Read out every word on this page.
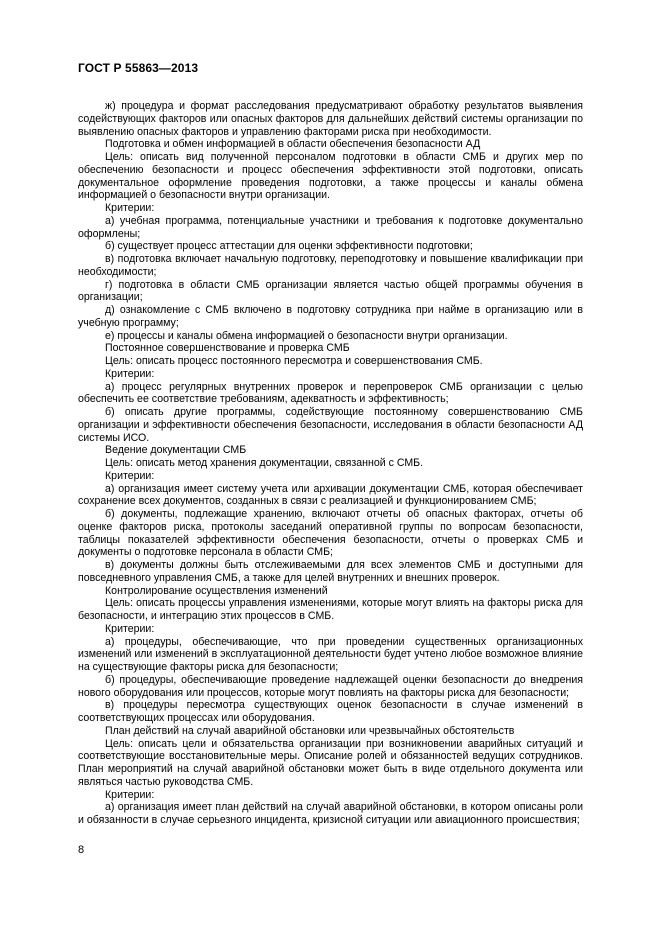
ГОСТ Р 55863—2013

ж) процедура и формат расследования предусматривают обработку результатов выявления содействующих факторов или опасных факторов для дальнейших действий системы организации по выявлению опасных факторов и управлению факторами риска при необходимости.

Подготовка и обмен информацией в области обеспечения безопасности АД

Цель: описать вид полученной персоналом подготовки в области СМБ и других мер по обеспечению безопасности и процесс обеспечения эффективности этой подготовки, описать документальное оформление проведения подготовки, а также процессы и каналы обмена информацией о безопасности внутри организации.

Критерии:

а) учебная программа, потенциальные участники и требования к подготовке документально оформлены;

б) существует процесс аттестации для оценки эффективности подготовки;

в) подготовка включает начальную подготовку, переподготовку и повышение квалификации при необходимости;

г) подготовка в области СМБ организации является частью общей программы обучения в организации;

д) ознакомление с СМБ включено в подготовку сотрудника при найме в организацию или в учебную программу;

е) процессы и каналы обмена информацией о безопасности внутри организации.

Постоянное совершенствование и проверка СМБ

Цель: описать процесс постоянного пересмотра и совершенствования СМБ.

Критерии:

а) процесс регулярных внутренних проверок и перепроверок СМБ организации с целью обеспечить ее соответствие требованиям, адекватность и эффективность;

б) описать другие программы, содействующие постоянному совершенствованию СМБ организации и эффективности обеспечения безопасности, исследования в области безопасности АД системы ИСО.

Ведение документации СМБ

Цель: описать метод хранения документации, связанной с СМБ.

Критерии:

а) организация имеет систему учета или архивации документации СМБ, которая обеспечивает сохранение всех документов, созданных в связи с реализацией и функционированием СМБ;

б) документы, подлежащие хранению, включают отчеты об опасных факторах, отчеты об оценке факторов риска, протоколы заседаний оперативной группы по вопросам безопасности, таблицы показателей эффективности обеспечения безопасности, отчеты о проверках СМБ и документы о подготовке персонала в области СМБ;

в) документы должны быть отслеживаемыми для всех элементов СМБ и доступными для повседневного управления СМБ, а также для целей внутренних и внешних проверок.

Контролирование осуществления изменений

Цель: описать процессы управления изменениями, которые могут влиять на факторы риска для безопасности, и интеграцию этих процессов в СМБ.

Критерии:

а) процедуры, обеспечивающие, что при проведении существенных организационных изменений или изменений в эксплуатационной деятельности будет учтено любое возможное влияние на существующие факторы риска для безопасности;

б) процедуры, обеспечивающие проведение надлежащей оценки безопасности до внедрения нового оборудования или процессов, которые могут повлиять на факторы риска для безопасности;

в) процедуры пересмотра существующих оценок безопасности в случае изменений в соответствующих процессах или оборудования.

План действий на случай аварийной обстановки или чрезвычайных обстоятельств

Цель: описать цели и обязательства организации при возникновении аварийных ситуаций и соответствующие восстановительные меры. Описание ролей и обязанностей ведущих сотрудников. План мероприятий на случай аварийной обстановки может быть в виде отдельного документа или являться частью руководства СМБ.

Критерии:

а) организация имеет план действий на случай аварийной обстановки, в котором описаны роли и обязанности в случае серьезного инцидента, кризисной ситуации или авиационного происшествия;

8
